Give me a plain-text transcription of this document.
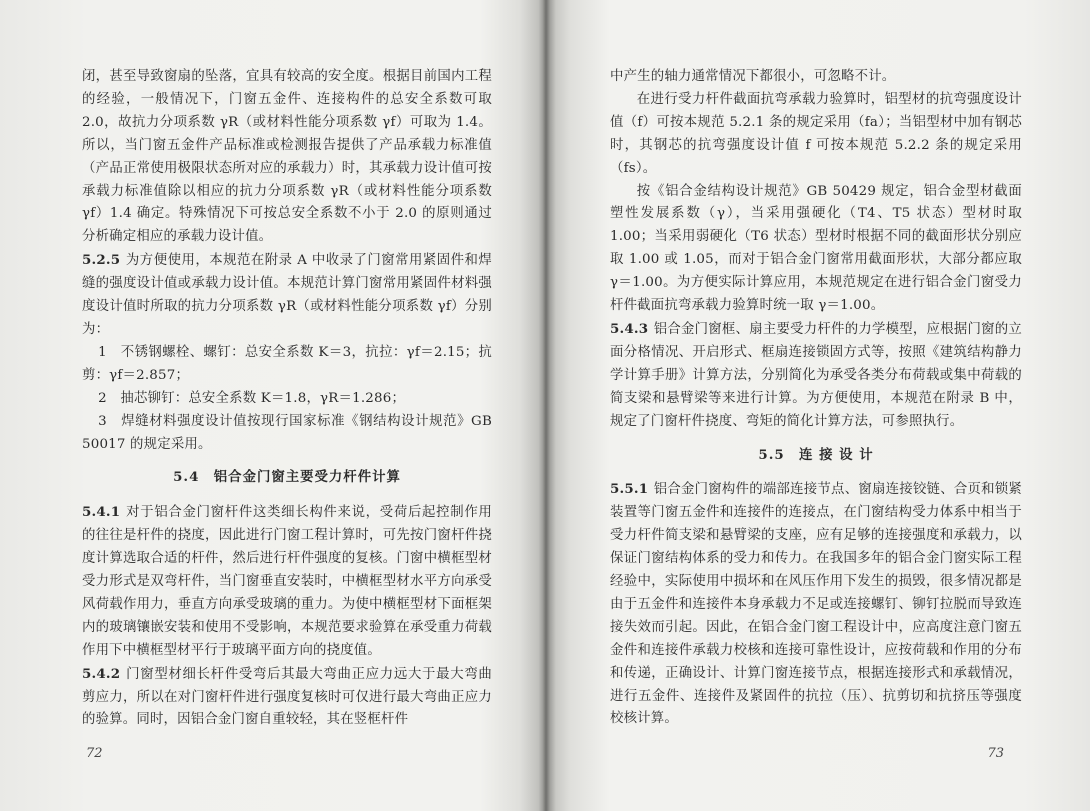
闭，甚至导致窗扇的坠落，宜具有较高的安全度。根据目前国内工程的经验，一般情况下，门窗五金件、连接构件的总安全系数可取 2.0，故抗力分项系数 γR（或材料性能分项系数 γf）可取为 1.4。所以，当门窗五金件产品标准或检测报告提供了产品承载力标准值（产品正常使用极限状态所对应的承载力）时，其承载力设计值可按承载力标准值除以相应的抗力分项系数 γR（或材料性能分项系数 γf）1.4 确定。特殊情况下可按总安全系数不小于 2.0 的原则通过分析确定相应的承载力设计值。

5.2.5 为方便使用，本规范在附录 A 中收录了门窗常用紧固件和焊缝的强度设计值或承载力设计值。本规范计算门窗常用紧固件材料强度设计值时所取的抗力分项系数 γR（或材料性能分项系数 γf）分别为：

1　不锈钢螺栓、螺钉：总安全系数 K＝3，抗拉：γf＝2.15；抗剪：γf＝2.857；

2　抽芯铆钉：总安全系数 K＝1.8，γR＝1.286；

3　焊缝材料强度设计值按现行国家标准《钢结构设计规范》GB 50017 的规定采用。

5.4　铝合金门窗主要受力杆件计算

5.4.1 对于铝合金门窗杆件这类细长构件来说，受荷后起控制作用的往往是杆件的挠度，因此进行门窗工程计算时，可先按门窗杆件挠度计算选取合适的杆件，然后进行杆件强度的复核。门窗中横框型材受力形式是双弯杆件，当门窗垂直安装时，中横框型材水平方向承受风荷载作用力，垂直方向承受玻璃的重力。为使中横框型材下面框架内的玻璃镶嵌安装和使用不受影响，本规范要求验算在承受重力荷载作用下中横框型材平行于玻璃平面方向的挠度值。

5.4.2 门窗型材细长杆件受弯后其最大弯曲正应力远大于最大弯曲剪应力，所以在对门窗杆件进行强度复核时可仅进行最大弯曲正应力的验算。同时，因铝合金门窗自重较轻，其在竖框杆件

72

中产生的轴力通常情况下都很小，可忽略不计。

在进行受力杆件截面抗弯承载力验算时，铝型材的抗弯强度设计值（f）可按本规范 5.2.1 条的规定采用（fa）；当铝型材中加有钢芯时，其钢芯的抗弯强度设计值 f 可按本规范 5.2.2 条的规定采用（fs）。

按《铝合金结构设计规范》GB 50429 规定，铝合金型材截面塑性发展系数（γ），当采用强硬化（T4、T5 状态）型材时取 1.00；当采用弱硬化（T6 状态）型材时根据不同的截面形状分别应取 1.00 或 1.05，而对于铝合金门窗常用截面形状，大部分都应取 γ＝1.00。为方便实际计算应用，本规范规定在进行铝合金门窗受力杆件截面抗弯承载力验算时统一取 γ＝1.00。

5.4.3 铝合金门窗框、扇主要受力杆件的力学模型，应根据门窗的立面分格情况、开启形式、框扇连接锁固方式等，按照《建筑结构静力学计算手册》计算方法，分别简化为承受各类分布荷载或集中荷载的简支梁和悬臂梁等来进行计算。为方便使用，本规范在附录 B 中，规定了门窗杆件挠度、弯矩的简化计算方法，可参照执行。

5.5　连 接 设 计

5.5.1 铝合金门窗构件的端部连接节点、窗扇连接铰链、合页和锁紧装置等门窗五金件和连接件的连接点，在门窗结构受力体系中相当于受力杆件简支梁和悬臂梁的支座，应有足够的连接强度和承载力，以保证门窗结构体系的受力和传力。在我国多年的铝合金门窗实际工程经验中，实际使用中损坏和在风压作用下发生的损毁，很多情况都是由于五金件和连接件本身承载力不足或连接螺钉、铆钉拉脱而导致连接失效而引起。因此，在铝合金门窗工程设计中，应高度注意门窗五金件和连接件承载力校核和连接可靠性设计，应按荷载和作用的分布和传递，正确设计、计算门窗连接节点，根据连接形式和承载情况，进行五金件、连接件及紧固件的抗拉（压）、抗剪切和抗挤压等强度校核计算。

73
